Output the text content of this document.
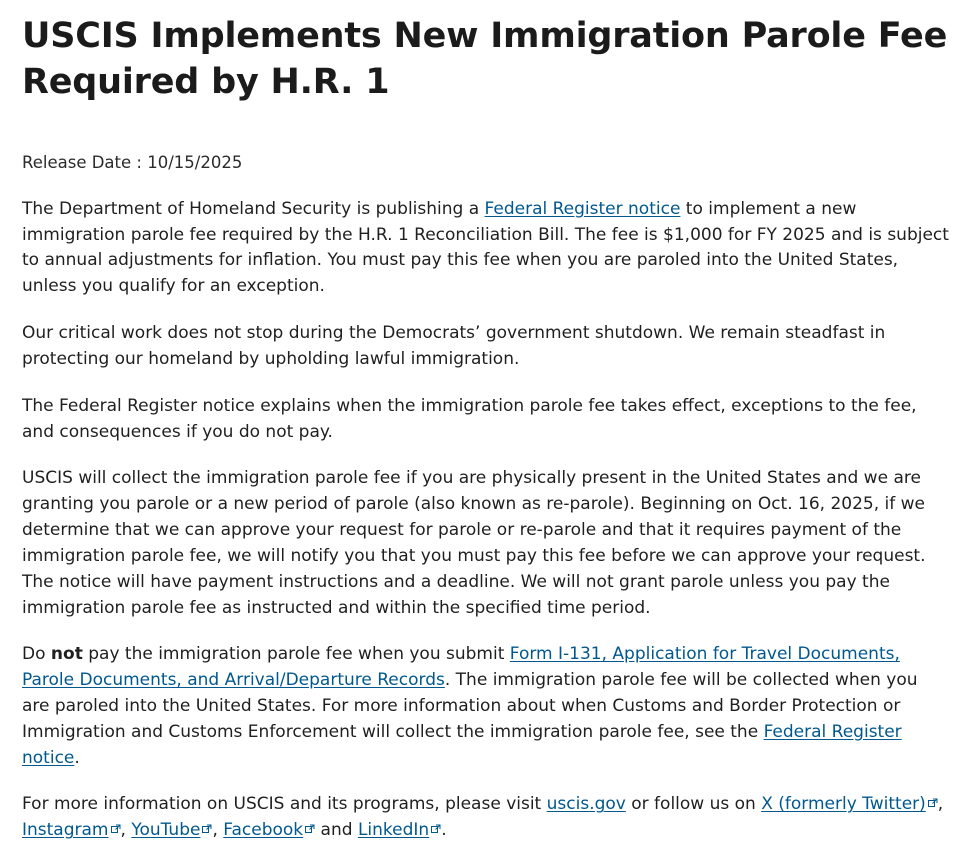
USCIS Implements New Immigration Parole Fee Required by H.R. 1
Release Date : 10/15/2025

The Department of Homeland Security is publishing a Federal Register notice to implement a new immigration parole fee required by the H.R. 1 Reconciliation Bill. The fee is $1,000 for FY 2025 and is subject to annual adjustments for inflation. You must pay this fee when you are paroled into the United States, unless you qualify for an exception.

Our critical work does not stop during the Democrats’ government shutdown. We remain steadfast in protecting our homeland by upholding lawful immigration.

The Federal Register notice explains when the immigration parole fee takes effect, exceptions to the fee, and consequences if you do not pay.

USCIS will collect the immigration parole fee if you are physically present in the United States and we are granting you parole or a new period of parole (also known as re-parole). Beginning on Oct. 16, 2025, if we determine that we can approve your request for parole or re-parole and that it requires payment of the immigration parole fee, we will notify you that you must pay this fee before we can approve your request. The notice will have payment instructions and a deadline. We will not grant parole unless you pay the immigration parole fee as instructed and within the specified time period.

Do not pay the immigration parole fee when you submit Form I-131, Application for Travel Documents, Parole Documents, and Arrival/Departure Records. The immigration parole fee will be collected when you are paroled into the United States. For more information about when Customs and Border Protection or Immigration and Customs Enforcement will collect the immigration parole fee, see the Federal Register notice.

For more information on USCIS and its programs, please visit uscis.gov or follow us on X (formerly Twitter) , Instagram , YouTube , Facebook
and LinkedIn .
